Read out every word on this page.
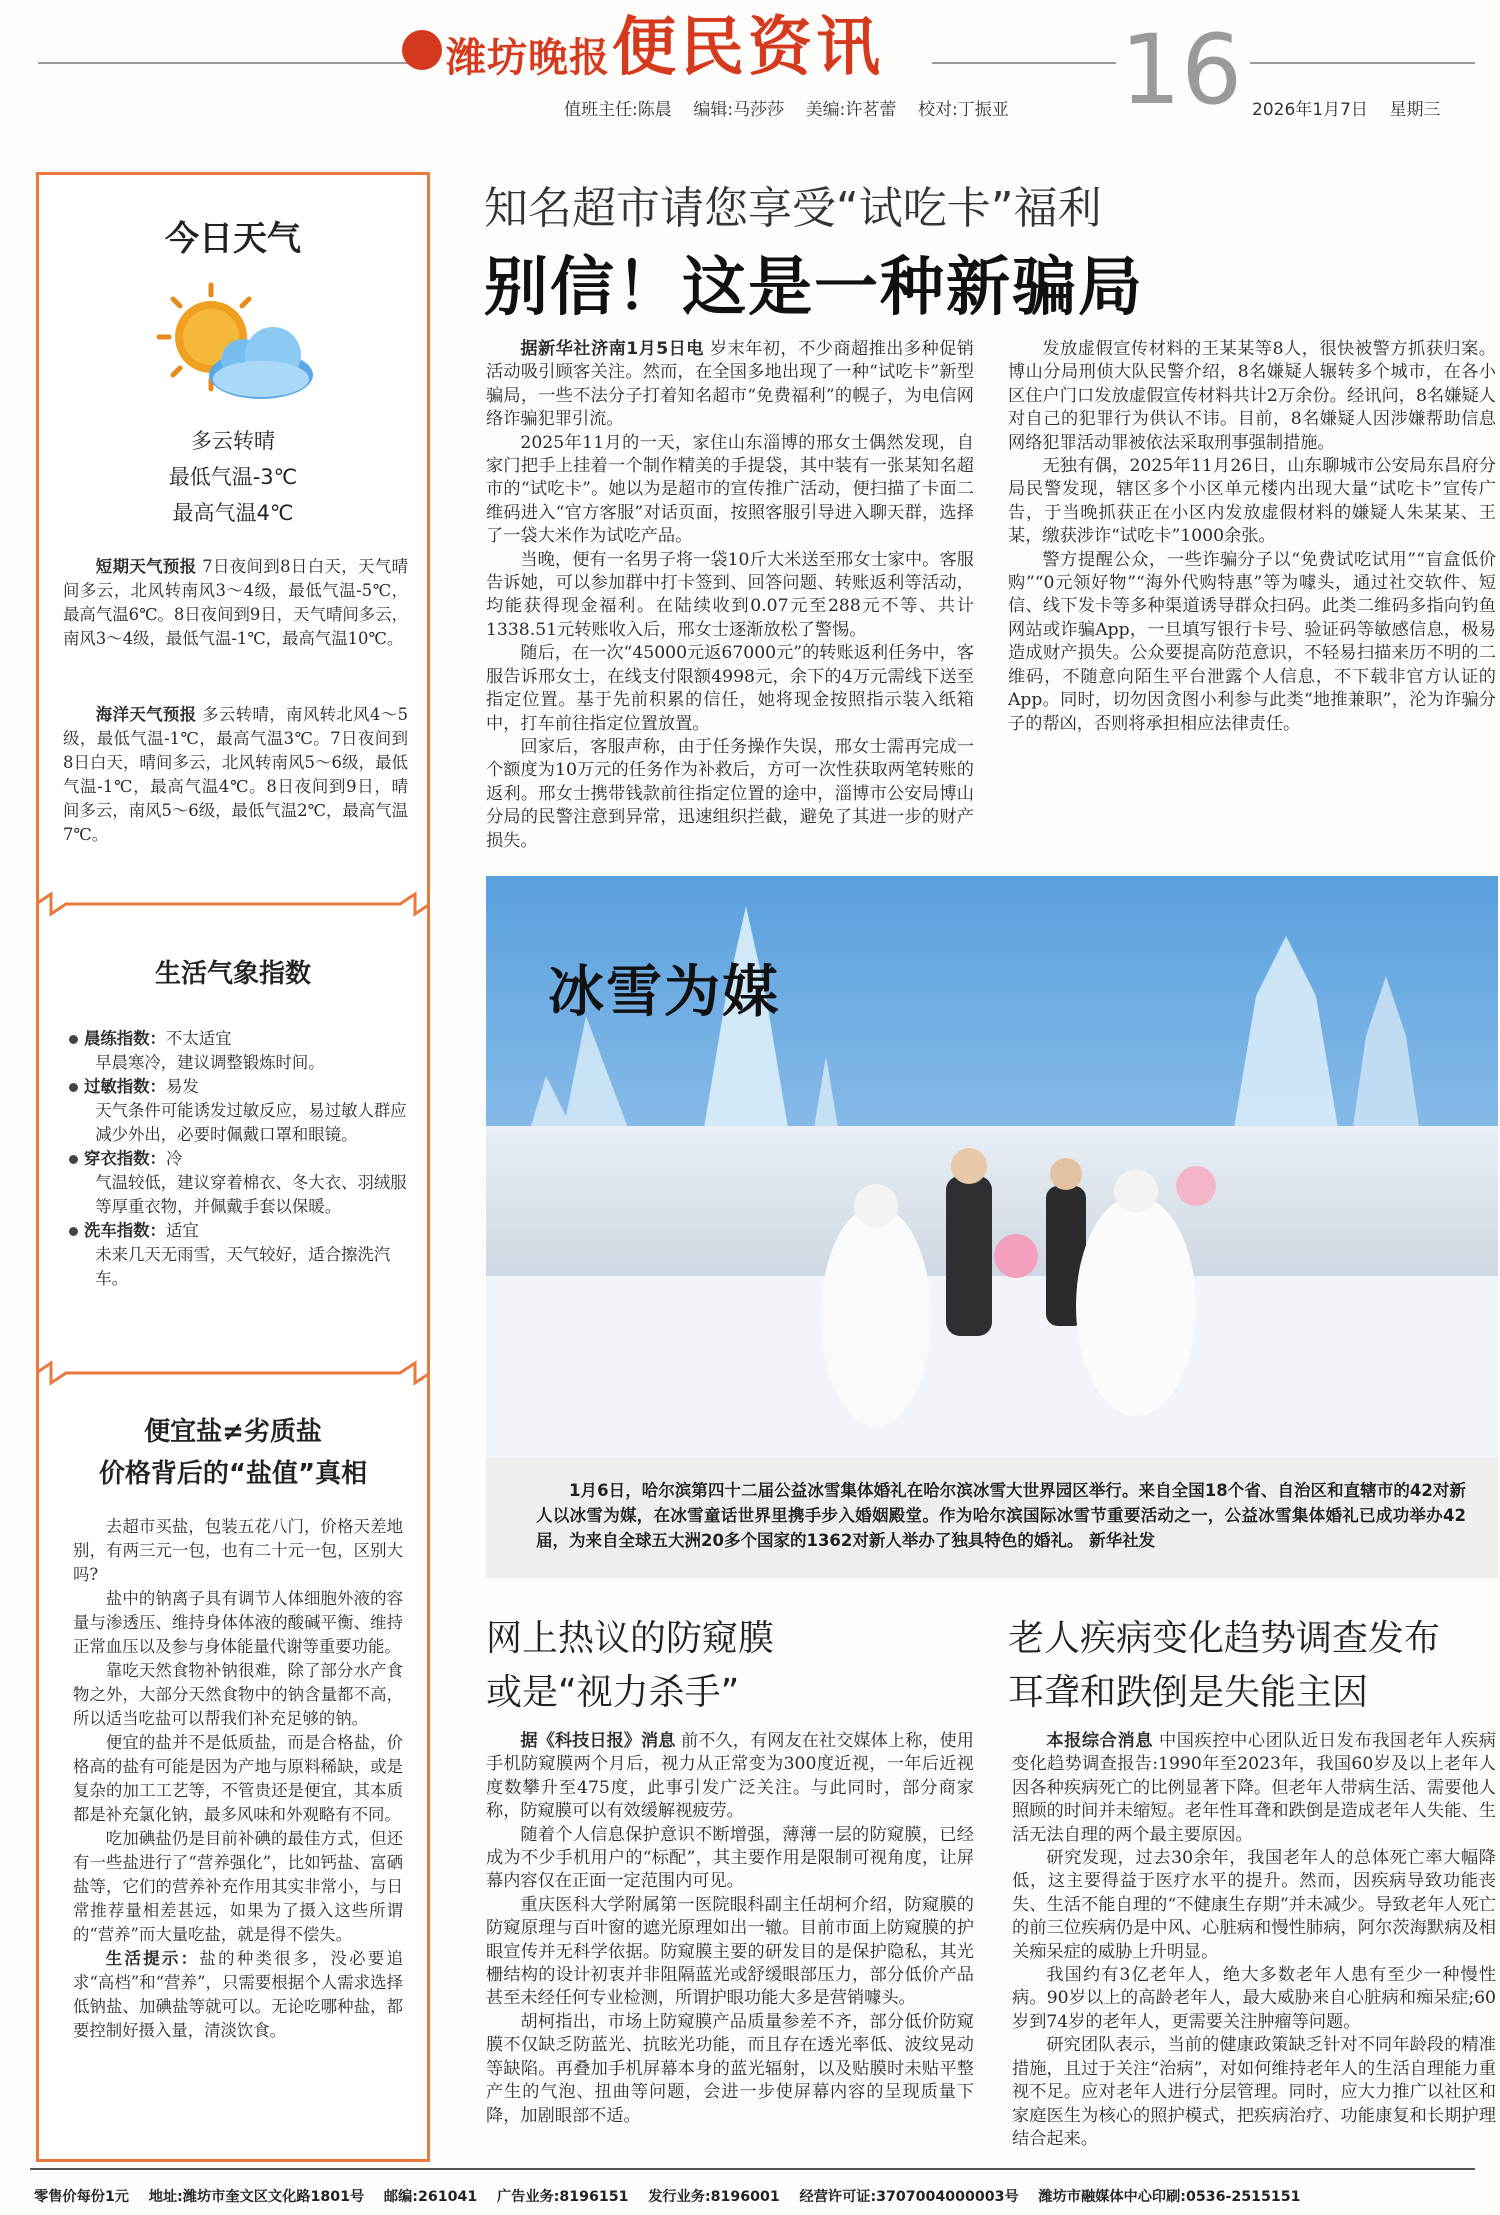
潍坊晚报 便民资讯
值班主任:陈晨    编辑:马莎莎    美编:许茗蕾    校对:丁振亚 16 2026年1月7日    星期三
今日天气
多云转晴
最低气温-3℃
最高气温4℃

短期天气预报 7日夜间到8日白天，天气晴间多云，北风转南风3～4级，最低气温-5℃，最高气温6℃。8日夜间到9日，天气晴间多云，南风3～4级，最低气温-1℃，最高气温10℃。

海洋天气预报 多云转晴，南风转北风4～5级，最低气温-1℃，最高气温3℃。7日夜间到8日白天，晴间多云，北风转南风5～6级，最低气温-1℃，最高气温4℃。8日夜间到9日，晴间多云，南风5～6级，最低气温2℃，最高气温7℃。

生活气象指数
晨练指数：不太适宜
早晨寒冷，建议调整锻炼时间。
过敏指数：易发
天气条件可能诱发过敏反应，易过敏人群应减少外出，必要时佩戴口罩和眼镜。
穿衣指数：冷
气温较低，建议穿着棉衣、冬大衣、羽绒服等厚重衣物，并佩戴手套以保暖。
洗车指数：适宜
未来几天无雨雪，天气较好，适合擦洗汽车。
便宜盐≠劣质盐
价格背后的“盐值”真相

去超市买盐，包装五花八门，价格天差地别，有两三元一包，也有二十元一包，区别大吗?

盐中的钠离子具有调节人体细胞外液的容量与渗透压、维持身体体液的酸碱平衡、维持正常血压以及参与身体能量代谢等重要功能。

靠吃天然食物补钠很难，除了部分水产食物之外，大部分天然食物中的钠含量都不高，所以适当吃盐可以帮我们补充足够的钠。

便宜的盐并不是低质盐，而是合格盐，价格高的盐有可能是因为产地与原料稀缺，或是复杂的加工工艺等，不管贵还是便宜，其本质都是补充氯化钠，最多风味和外观略有不同。

吃加碘盐仍是目前补碘的最佳方式，但还有一些盐进行了“营养强化”，比如钙盐、富硒盐等，它们的营养补充作用其实非常小，与日常推荐量相差甚远，如果为了摄入这些所谓的“营养”而大量吃盐，就是得不偿失。

生活提示：盐的种类很多，没必要追求“高档”和“营养”，只需要根据个人需求选择低钠盐、加碘盐等就可以。无论吃哪种盐，都要控制好摄入量，清淡饮食。

知名超市请您享受“试吃卡”福利
别信！这是一种新骗局

据新华社济南1月5日电 岁末年初，不少商超推出多种促销活动吸引顾客关注。然而，在全国多地出现了一种“试吃卡”新型骗局，一些不法分子打着知名超市“免费福利”的幌子，为电信网络诈骗犯罪引流。

2025年11月的一天，家住山东淄博的邢女士偶然发现，自家门把手上挂着一个制作精美的手提袋，其中装有一张某知名超市的“试吃卡”。她以为是超市的宣传推广活动，便扫描了卡面二维码进入“官方客服”对话页面，按照客服引导进入聊天群，选择了一袋大米作为试吃产品。

当晚，便有一名男子将一袋10斤大米送至邢女士家中。客服告诉她，可以参加群中打卡签到、回答问题、转账返利等活动，均能获得现金福利。在陆续收到0.07元至288元不等、共计1338.51元转账收入后，邢女士逐渐放松了警惕。

随后，在一次“45000元返67000元”的转账返利任务中，客服告诉邢女士，在线支付限额4998元，余下的4万元需线下送至指定位置。基于先前积累的信任，她将现金按照指示装入纸箱中，打车前往指定位置放置。

回家后，客服声称，由于任务操作失误，邢女士需再完成一个额度为10万元的任务作为补救后，方可一次性获取两笔转账的返利。邢女士携带钱款前往指定位置的途中，淄博市公安局博山分局的民警注意到异常，迅速组织拦截，避免了其进一步的财产损失。

发放虚假宣传材料的王某某等8人，很快被警方抓获归案。博山分局刑侦大队民警介绍，8名嫌疑人辗转多个城市，在各小区住户门口发放虚假宣传材料共计2万余份。经讯问，8名嫌疑人对自己的犯罪行为供认不讳。目前，8名嫌疑人因涉嫌帮助信息网络犯罪活动罪被依法采取刑事强制措施。

无独有偶，2025年11月26日，山东聊城市公安局东昌府分局民警发现，辖区多个小区单元楼内出现大量“试吃卡”宣传广告，于当晚抓获正在小区内发放虚假材料的嫌疑人朱某某、王某，缴获涉诈“试吃卡”1000余张。

警方提醒公众，一些诈骗分子以“免费试吃试用”“盲盒低价购”“0元领好物”“海外代购特惠”等为噱头，通过社交软件、短信、线下发卡等多种渠道诱导群众扫码。此类二维码多指向钓鱼网站或诈骗App，一旦填写银行卡号、验证码等敏感信息，极易造成财产损失。公众要提高防范意识，不轻易扫描来历不明的二维码，不随意向陌生平台泄露个人信息，不下载非官方认证的App。同时，切勿因贪图小利参与此类“地推兼职”，沦为诈骗分子的帮凶，否则将承担相应法律责任。

冰雪为媒
1月6日，哈尔滨第四十二届公益冰雪集体婚礼在哈尔滨冰雪大世界园区举行。来自全国18个省、自治区和直辖市的42对新人以冰雪为媒，在冰雪童话世界里携手步入婚姻殿堂。作为哈尔滨国际冰雪节重要活动之一，公益冰雪集体婚礼已成功举办42届，为来自全球五大洲20多个国家的1362对新人举办了独具特色的婚礼。 新华社发
网上热议的防窥膜
或是“视力杀手”

据《科技日报》消息 前不久，有网友在社交媒体上称，使用手机防窥膜两个月后，视力从正常变为300度近视，一年后近视度数攀升至475度，此事引发广泛关注。与此同时，部分商家称，防窥膜可以有效缓解视疲劳。

随着个人信息保护意识不断增强，薄薄一层的防窥膜，已经成为不少手机用户的“标配”，其主要作用是限制可视角度，让屏幕内容仅在正面一定范围内可见。

重庆医科大学附属第一医院眼科副主任胡柯介绍，防窥膜的防窥原理与百叶窗的遮光原理如出一辙。目前市面上防窥膜的护眼宣传并无科学依据。防窥膜主要的研发目的是保护隐私，其光栅结构的设计初衷并非阻隔蓝光或舒缓眼部压力，部分低价产品甚至未经任何专业检测，所谓护眼功能大多是营销噱头。

胡柯指出，市场上防窥膜产品质量参差不齐，部分低价防窥膜不仅缺乏防蓝光、抗眩光功能，而且存在透光率低、波纹晃动等缺陷。再叠加手机屏幕本身的蓝光辐射，以及贴膜时未贴平整产生的气泡、扭曲等问题，会进一步使屏幕内容的呈现质量下降，加剧眼部不适。

老人疾病变化趋势调查发布
耳聋和跌倒是失能主因

本报综合消息 中国疾控中心团队近日发布我国老年人疾病变化趋势调查报告:1990年至2023年，我国60岁及以上老年人因各种疾病死亡的比例显著下降。但老年人带病生活、需要他人照顾的时间并未缩短。老年性耳聋和跌倒是造成老年人失能、生活无法自理的两个最主要原因。

研究发现，过去30余年，我国老年人的总体死亡率大幅降低，这主要得益于医疗水平的提升。然而，因疾病导致功能丧失、生活不能自理的“不健康生存期”并未减少。导致老年人死亡的前三位疾病仍是中风、心脏病和慢性肺病，阿尔茨海默病及相关痴呆症的威胁上升明显。

我国约有3亿老年人，绝大多数老年人患有至少一种慢性病。90岁以上的高龄老年人，最大威胁来自心脏病和痴呆症;60岁到74岁的老年人，更需要关注肿瘤等问题。

研究团队表示，当前的健康政策缺乏针对不同年龄段的精准措施，且过于关注“治病”，对如何维持老年人的生活自理能力重视不足。应对老年人进行分层管理。同时，应大力推广以社区和家庭医生为核心的照护模式，把疾病治疗、功能康复和长期护理结合起来。

零售价每份1元    地址:潍坊市奎文区文化路1801号    邮编:261041    广告业务:8196151    发行业务:8196001    经营许可证:3707004000003号    潍坊市融媒体中心印刷:0536-2515151
